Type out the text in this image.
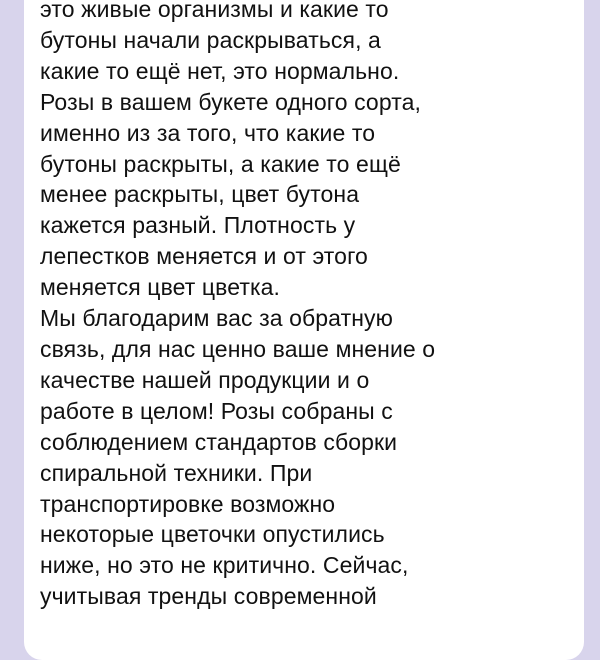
это живые организмы и какие то
бутоны начали раскрываться, а
какие то ещё нет, это нормально.
Розы в вашем букете одного сорта,
именно из за того, что какие то
бутоны раскрыты, а какие то ещё
менее раскрыты, цвет бутона
кажется разный. Плотность у
лепестков меняется и от этого
меняется цвет цветка.
Мы благодарим вас за обратную
связь, для нас ценно ваше мнение о
качестве нашей продукции и о
работе в целом! Розы собраны с
соблюдением стандартов сборки
спиральной техники. При
транспортировке возможно
некоторые цветочки опустились
ниже, но это не критично. Сейчас,
учитывая тренды современной
